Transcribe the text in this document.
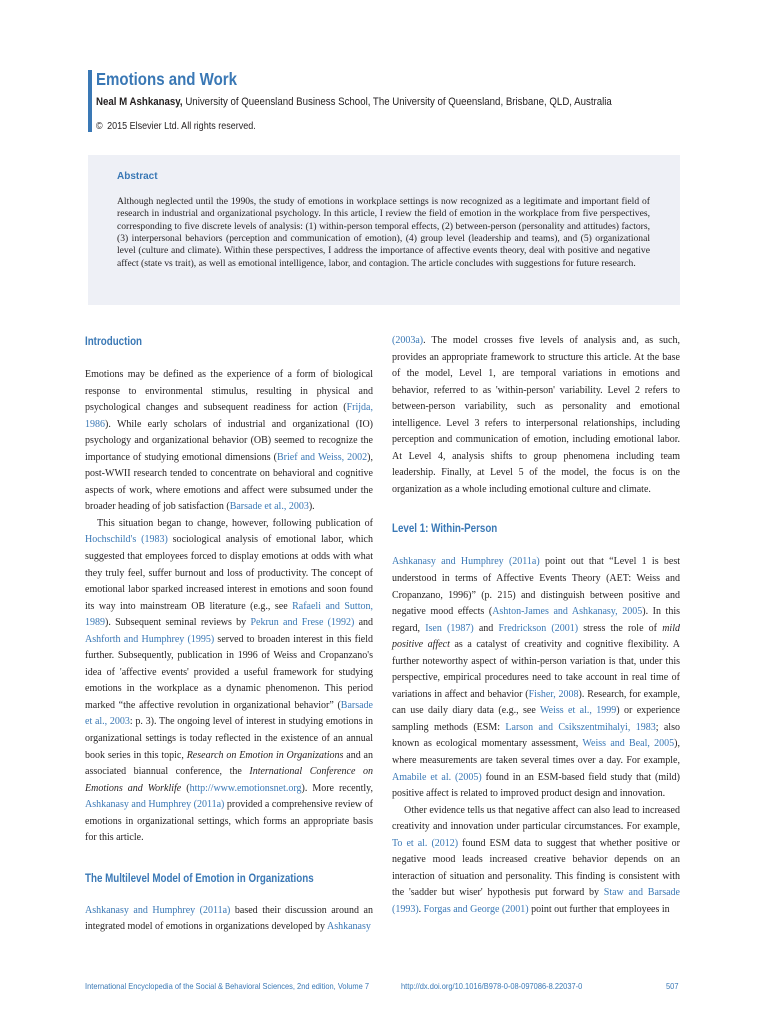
Emotions and Work

Neal M Ashkanasy, University of Queensland Business School, The University of Queensland, Brisbane, QLD, Australia

© 2015 Elsevier Ltd. All rights reserved.

Abstract

Although neglected until the 1990s, the study of emotions in workplace settings is now recognized as a legitimate and important field of research in industrial and organizational psychology. In this article, I review the field of emotion in the workplace from five perspectives, corresponding to five discrete levels of analysis: (1) within-person temporal effects, (2) between-person (personality and attitudes) factors, (3) interpersonal behaviors (perception and communication of emotion), (4) group level (leadership and teams), and (5) organizational level (culture and climate). Within these perspectives, I address the importance of affective events theory, deal with positive and negative affect (state vs trait), as well as emotional intelligence, labor, and contagion. The article concludes with suggestions for future research.

Introduction

Emotions may be defined as the experience of a form of biological response to environmental stimulus, resulting in physical and psychological changes and subsequent readiness for action (Frijda, 1986). While early scholars of industrial and organizational (IO) psychology and organizational behavior (OB) seemed to recognize the importance of studying emotional dimensions (Brief and Weiss, 2002), post-WWII research tended to concentrate on behavioral and cognitive aspects of work, where emotions and affect were subsumed under the broader heading of job satisfaction (Barsade et al., 2003).

This situation began to change, however, following publication of Hochschild's (1983) sociological analysis of emotional labor, which suggested that employees forced to display emotions at odds with what they truly feel, suffer burnout and loss of productivity. The concept of emotional labor sparked increased interest in emotions and soon found its way into mainstream OB literature (e.g., see Rafaeli and Sutton, 1989). Subsequent seminal reviews by Pekrun and Frese (1992) and Ashforth and Humphrey (1995) served to broaden interest in this field further. Subsequently, publication in 1996 of Weiss and Cropanzano's idea of 'affective events' provided a useful framework for studying emotions in the workplace as a dynamic phenomenon. This period marked “the affective revolution in organizational behavior” (Barsade et al., 2003: p. 3). The ongoing level of interest in studying emotions in organizational settings is today reflected in the existence of an annual book series in this topic, Research on Emotion in Organizations and an associated biannual conference, the International Conference on Emotions and Worklife (http://www.emotionsnet.org). More recently, Ashkanasy and Humphrey (2011a) provided a comprehensive review of emotions in organizational settings, which forms an appropriate basis for this article.

The Multilevel Model of Emotion in Organizations

Ashkanasy and Humphrey (2011a) based their discussion around an integrated model of emotions in organizations developed by Ashkanasy

(2003a). The model crosses five levels of analysis and, as such, provides an appropriate framework to structure this article. At the base of the model, Level 1, are temporal variations in emotions and behavior, referred to as 'within-person' variability. Level 2 refers to between-person variability, such as personality and emotional intelligence. Level 3 refers to interpersonal relationships, including perception and communication of emotion, including emotional labor. At Level 4, analysis shifts to group phenomena including team leadership. Finally, at Level 5 of the model, the focus is on the organization as a whole including emotional culture and climate.

Level 1: Within-Person

Ashkanasy and Humphrey (2011a) point out that “Level 1 is best understood in terms of Affective Events Theory (AET: Weiss and Cropanzano, 1996)” (p. 215) and distinguish between positive and negative mood effects (Ashton-James and Ashkanasy, 2005). In this regard, Isen (1987) and Fredrickson (2001) stress the role of mild positive affect as a catalyst of creativity and cognitive flexibility. A further noteworthy aspect of within-person variation is that, under this perspective, empirical procedures need to take account in real time of variations in affect and behavior (Fisher, 2008). Research, for example, can use daily diary data (e.g., see Weiss et al., 1999) or experience sampling methods (ESM: Larson and Csikszentmihalyi, 1983; also known as ecological momentary assessment, Weiss and Beal, 2005), where measurements are taken several times over a day. For example, Amabile et al. (2005) found in an ESM-based field study that (mild) positive affect is related to improved product design and innovation.

Other evidence tells us that negative affect can also lead to increased creativity and innovation under particular circumstances. For example, To et al. (2012) found ESM data to suggest that whether positive or negative mood leads increased creative behavior depends on an interaction of situation and personality. This finding is consistent with the 'sadder but wiser' hypothesis put forward by Staw and Barsade (1993). Forgas and George (2001) point out further that employees in

International Encyclopedia of the Social & Behavioral Sciences, 2nd edition, Volume 7	http://dx.doi.org/10.1016/B978-0-08-097086-8.22037-0	507
